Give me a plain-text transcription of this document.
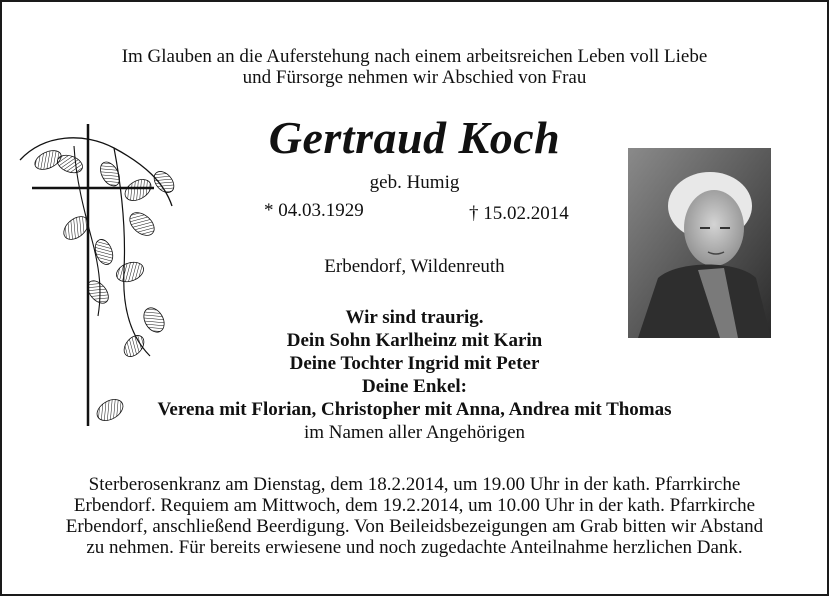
Im Glauben an die Auferstehung nach einem arbeitsreichen Leben voll Liebe
und Fürsorge nehmen wir Abschied von Frau
Gertraud Koch
geb. Humig
* 04.03.1929	† 15.02.2014
Erbendorf, Wildenreuth
Wir sind traurig.
Dein Sohn Karlheinz mit Karin
Deine Tochter Ingrid mit Peter
Deine Enkel:
Verena mit Florian, Christopher mit Anna, Andrea mit Thomas
im Namen aller Angehörigen
Sterberosenkranz am Dienstag, dem 18.2.2014, um 19.00 Uhr in der kath. Pfarrkirche
Erbendorf. Requiem am Mittwoch, dem 19.2.2014, um 10.00 Uhr in der kath. Pfarrkirche
Erbendorf, anschließend Beerdigung. Von Beileidsbezeigungen am Grab bitten wir Abstand
zu nehmen. Für bereits erwiesene und noch zugedachte Anteilnahme herzlichen Dank.
